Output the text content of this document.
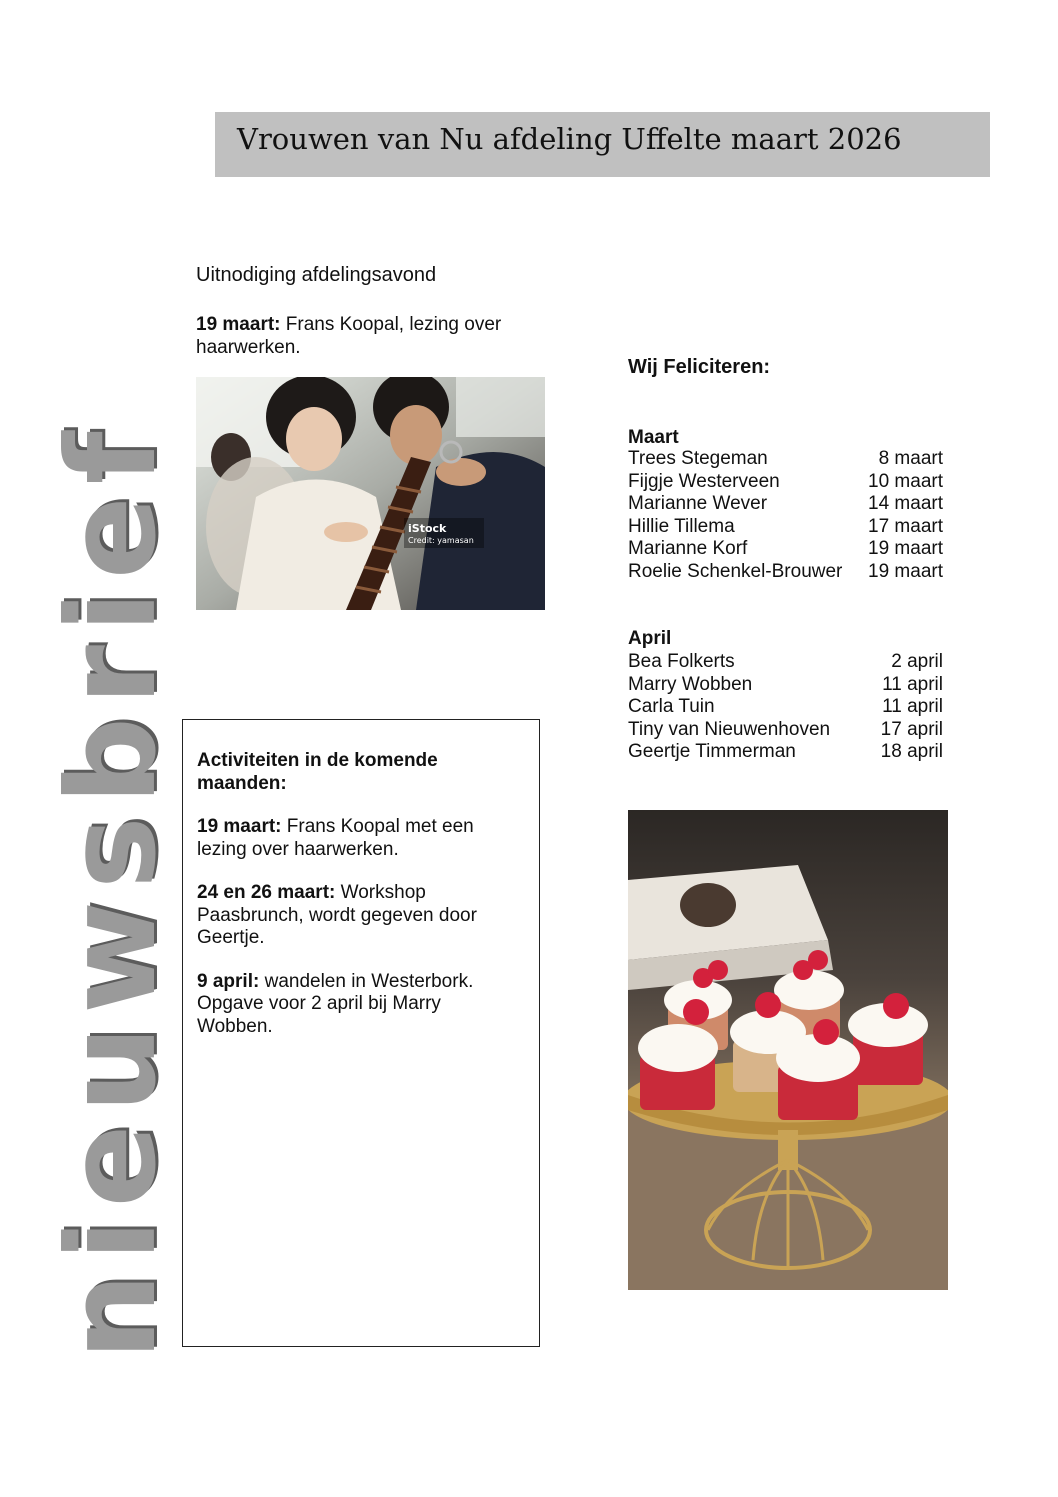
nieuwsbrief
Vrouwen van Nu afdeling Uffelte maart 2026
Uitnodiging afdelingsavond
19 maart: Frans Koopal, lezing over haarwerken.
iStock
Credit: yamasan

Activiteiten in de komende maanden:

19 maart: Frans Koopal met een lezing over haarwerken.

24 en 26 maart: Workshop Paasbrunch, wordt gegeven door Geertje.

9 april: wandelen in Westerbork. Opgave voor 2 april bij Marry Wobben.

Wij Feliciteren:
Maart
Trees Stegeman	8 maart
Fijgje Westerveen	10 maart
Marianne Wever	14 maart
Hillie Tillema	17 maart
Marianne Korf	19 maart
Roelie Schenkel-Brouwer 19 maart
April
Bea Folkerts	2 april
Marry Wobben	11 april
Carla Tuin	11 april
Tiny van Nieuwenhoven	17 april
Geertje Timmerman	18 april
